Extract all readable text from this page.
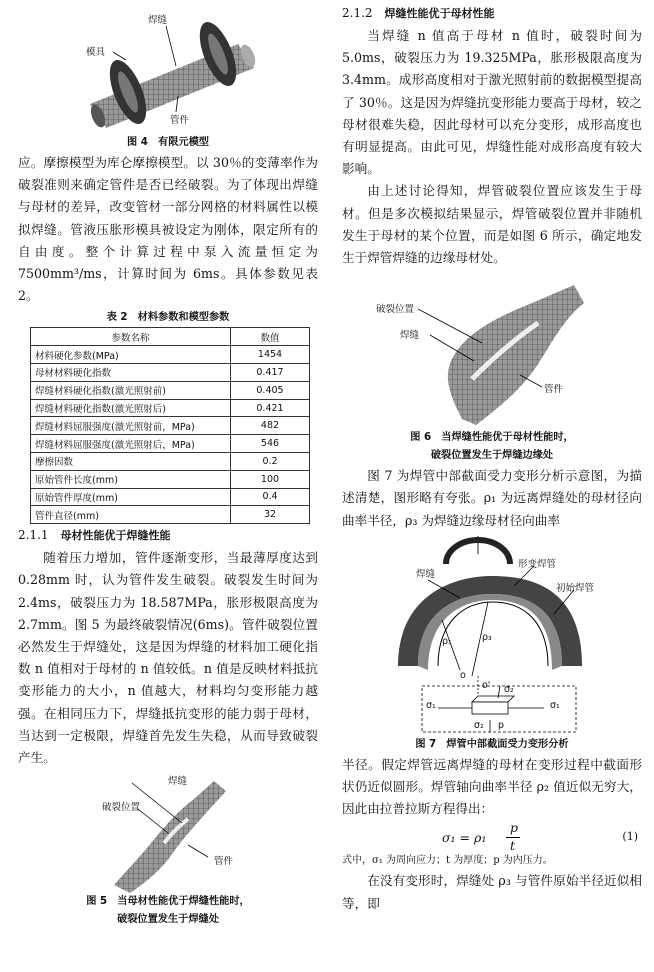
焊缝
模具
管件

图 4　有限元模型

应。摩擦模型为库仑摩擦模型。以 30％的变薄率作为破裂准则来确定管件是否已经破裂。为了体现出焊缝与母材的差异，改变管材一部分网格的材料属性以模拟焊缝。管液压胀形模具被设定为刚体，限定所有的自由度。整个计算过程中泵入流量恒定为 7500mm³/ms，计算时间为 6ms。具体参数见表 2。

表 2　材料参数和模型参数

参数名称	数值
材料硬化参数(MPa)	1454
母材材料硬化指数	0.417
焊缝材料硬化指数(激光照射前)	0.405
焊缝材料硬化指数(激光照射后)	0.421
焊缝材料屈服强度(激光照射前，MPa)	482
焊缝材料屈服强度(激光照射后，MPa)	546
摩擦因数	0.2
原始管件长度(mm)	100
原始管件厚度(mm)	0.4
管件直径(mm)	32

2.1.1 母材性能优于焊缝性能

随着压力增加，管件逐渐变形，当最薄厚度达到 0.28mm 时，认为管件发生破裂。破裂发生时间为 2.4ms，破裂压力为 18.587MPa，胀形极限高度为 2.7mm。图 5 为最终破裂情况(6ms)。管件破裂位置必然发生于焊缝处，这是因为焊缝的材料加工硬化指数 n 值相对于母材的 n 值较低。n 值是反映材料抵抗变形能力的大小，n 值越大，材料均匀变形能力越强。在相同压力下，焊缝抵抗变形的能力弱于母材，当达到一定极限，焊缝首先发生失稳，从而导致破裂产生。

焊缝
破裂位置
管件

图 5　当母材性能优于焊缝性能时，

破裂位置发生于焊缝处

2.1.2 焊缝性能优于母材性能

当焊缝 n 值高于母材 n 值时，破裂时间为 5.0ms，破裂压力为 19.325MPa，胀形极限高度为 3.4mm。成形高度相对于激光照射前的数据模型提高了 30％。这是因为焊缝抗变形能力要高于母材，较之母材很难失稳，因此母材可以充分变形，成形高度也有明显提高。由此可见，焊缝性能对成形高度有较大影响。

由上述讨论得知，焊管破裂位置应该发生于母材。但是多次模拟结果显示，焊管破裂位置并非随机发生于母材的某个位置，而是如图 6 所示，确定地发生于焊管焊缝的边缘母材处。

破裂位置
焊缝
管件

图 6　当焊缝性能优于母材性能时，

破裂位置发生于焊缝边缘处

图 7 为焊管中部截面受力变形分析示意图，为描述清楚，图形略有夸张。ρ₁ 为远离焊缝处的母材径向曲率半径，ρ₃ 为焊缝边缘母材径向曲率

焊缝
形变焊管
初始焊管
ρ₁	ρ₃
o
o'
σ₁	σ₁
σ₂
σ₂ p

图 7　焊管中部截面受力变形分析

半径。假定焊管远离焊缝的母材在变形过程中截面形状仍近似圆形。焊管轴向曲率半径 ρ₂ 值近似无穷大，因此由拉普拉斯方程得出：

σ₁ = ρ₁
p
t
(1)

式中，σ₁ 为周向应力；t 为厚度；p 为内压力。

在没有变形时，焊缝处 ρ₃ 与管件原始半径近似相等，即
